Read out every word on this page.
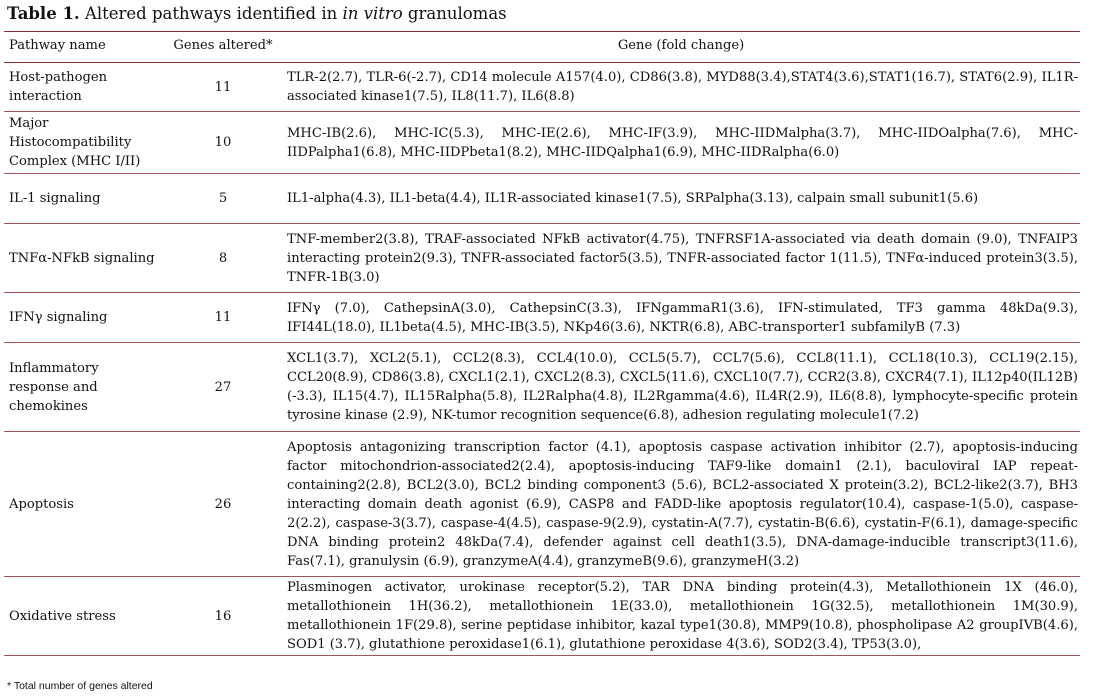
Table 1. Altered pathways identified in in vitro granulomas
Pathway name	Genes altered*	Gene (fold change)
Host-pathogen interaction	11	TLR-2(2.7), TLR-6(-2.7), CD14 molecule A157(4.0), CD86(3.8), MYD88(3.4),STAT4(3.6),STAT1(16.7), STAT6(2.9), IL1R-associated kinase1(7.5), IL8(11.7), IL6(8.8)
Major Histocompatibility Complex (MHC I/II)	10	MHC-IB(2.6), MHC-IC(5.3), MHC-IE(2.6), MHC-IF(3.9), MHC-IIDMalpha(3.7), MHC-IIDOalpha(7.6), MHC-IIDPalpha1(6.8), MHC-IIDPbeta1(8.2), MHC-IIDQalpha1(6.9), MHC-IIDRalpha(6.0)
IL-1 signaling	5	IL1-alpha(4.3), IL1-beta(4.4), IL1R-associated kinase1(7.5), SRPalpha(3.13), calpain small subunit1(5.6)
TNFα-NFkB signaling	8	TNF-member2(3.8), TRAF-associated NFkB activator(4.75), TNFRSF1A-associated via death domain (9.0), TNFAIP3 interacting protein2(9.3), TNFR-associated factor5(3.5), TNFR-associated factor 1(11.5), TNFα-induced protein3(3.5), TNFR-1B(3.0)
IFNγ signaling	11	IFNγ (7.0), CathepsinA(3.0), CathepsinC(3.3), IFNgammaR1(3.6), IFN-stimulated, TF3 gamma 48kDa(9.3), IFI44L(18.0), IL1beta(4.5), MHC-IB(3.5), NKp46(3.6), NKTR(6.8), ABC-transporter1 subfamilyB (7.3)
Inflammatory response and chemokines	27	XCL1(3.7), XCL2(5.1), CCL2(8.3), CCL4(10.0), CCL5(5.7), CCL7(5.6), CCL8(11.1), CCL18(10.3), CCL19(2.15), CCL20(8.9), CD86(3.8), CXCL1(2.1), CXCL2(8.3), CXCL5(11.6), CXCL10(7.7), CCR2(3.8), CXCR4(7.1), IL12p40(IL12B)(-3.3), IL15(4.7), IL15Ralpha(5.8), IL2Ralpha(4.8), IL2Rgamma(4.6), IL4R(2.9), IL6(8.8), lymphocyte-specific protein tyrosine kinase (2.9), NK-tumor recognition sequence(6.8), adhesion regulating molecule1(7.2)
Apoptosis	26	Apoptosis antagonizing transcription factor (4.1), apoptosis caspase activation inhibitor (2.7), apoptosis-inducing factor mitochondrion-associated2(2.4), apoptosis-inducing TAF9-like domain1 (2.1), baculoviral IAP repeat-containing2(2.8), BCL2(3.0), BCL2 binding component3 (5.6), BCL2-associated X protein(3.2), BCL2-like2(3.7), BH3 interacting domain death agonist (6.9), CASP8 and FADD-like apoptosis regulator(10.4), caspase-1(5.0), caspase-2(2.2), caspase-3(3.7), caspase-4(4.5), caspase-9(2.9), cystatin-A(7.7), cystatin-B(6.6), cystatin-F(6.1), damage-specific DNA binding protein2 48kDa(7.4), defender against cell death1(3.5), DNA-damage-inducible transcript3(11.6), Fas(7.1), granulysin (6.9), granzymeA(4.4), granzymeB(9.6), granzymeH(3.2)
Oxidative stress	16	Plasminogen activator, urokinase receptor(5.2), TAR DNA binding protein(4.3), Metallothionein 1X (46.0), metallothionein 1H(36.2), metallothionein 1E(33.0), metallothionein 1G(32.5), metallothionein 1M(30.9), metallothionein 1F(29.8), serine peptidase inhibitor, kazal type1(30.8), MMP9(10.8), phospholipase A2 groupIVB(4.6), SOD1 (3.7), glutathione peroxidase1(6.1), glutathione peroxidase 4(3.6), SOD2(3.4), TP53(3.0),
* Total number of genes altered
